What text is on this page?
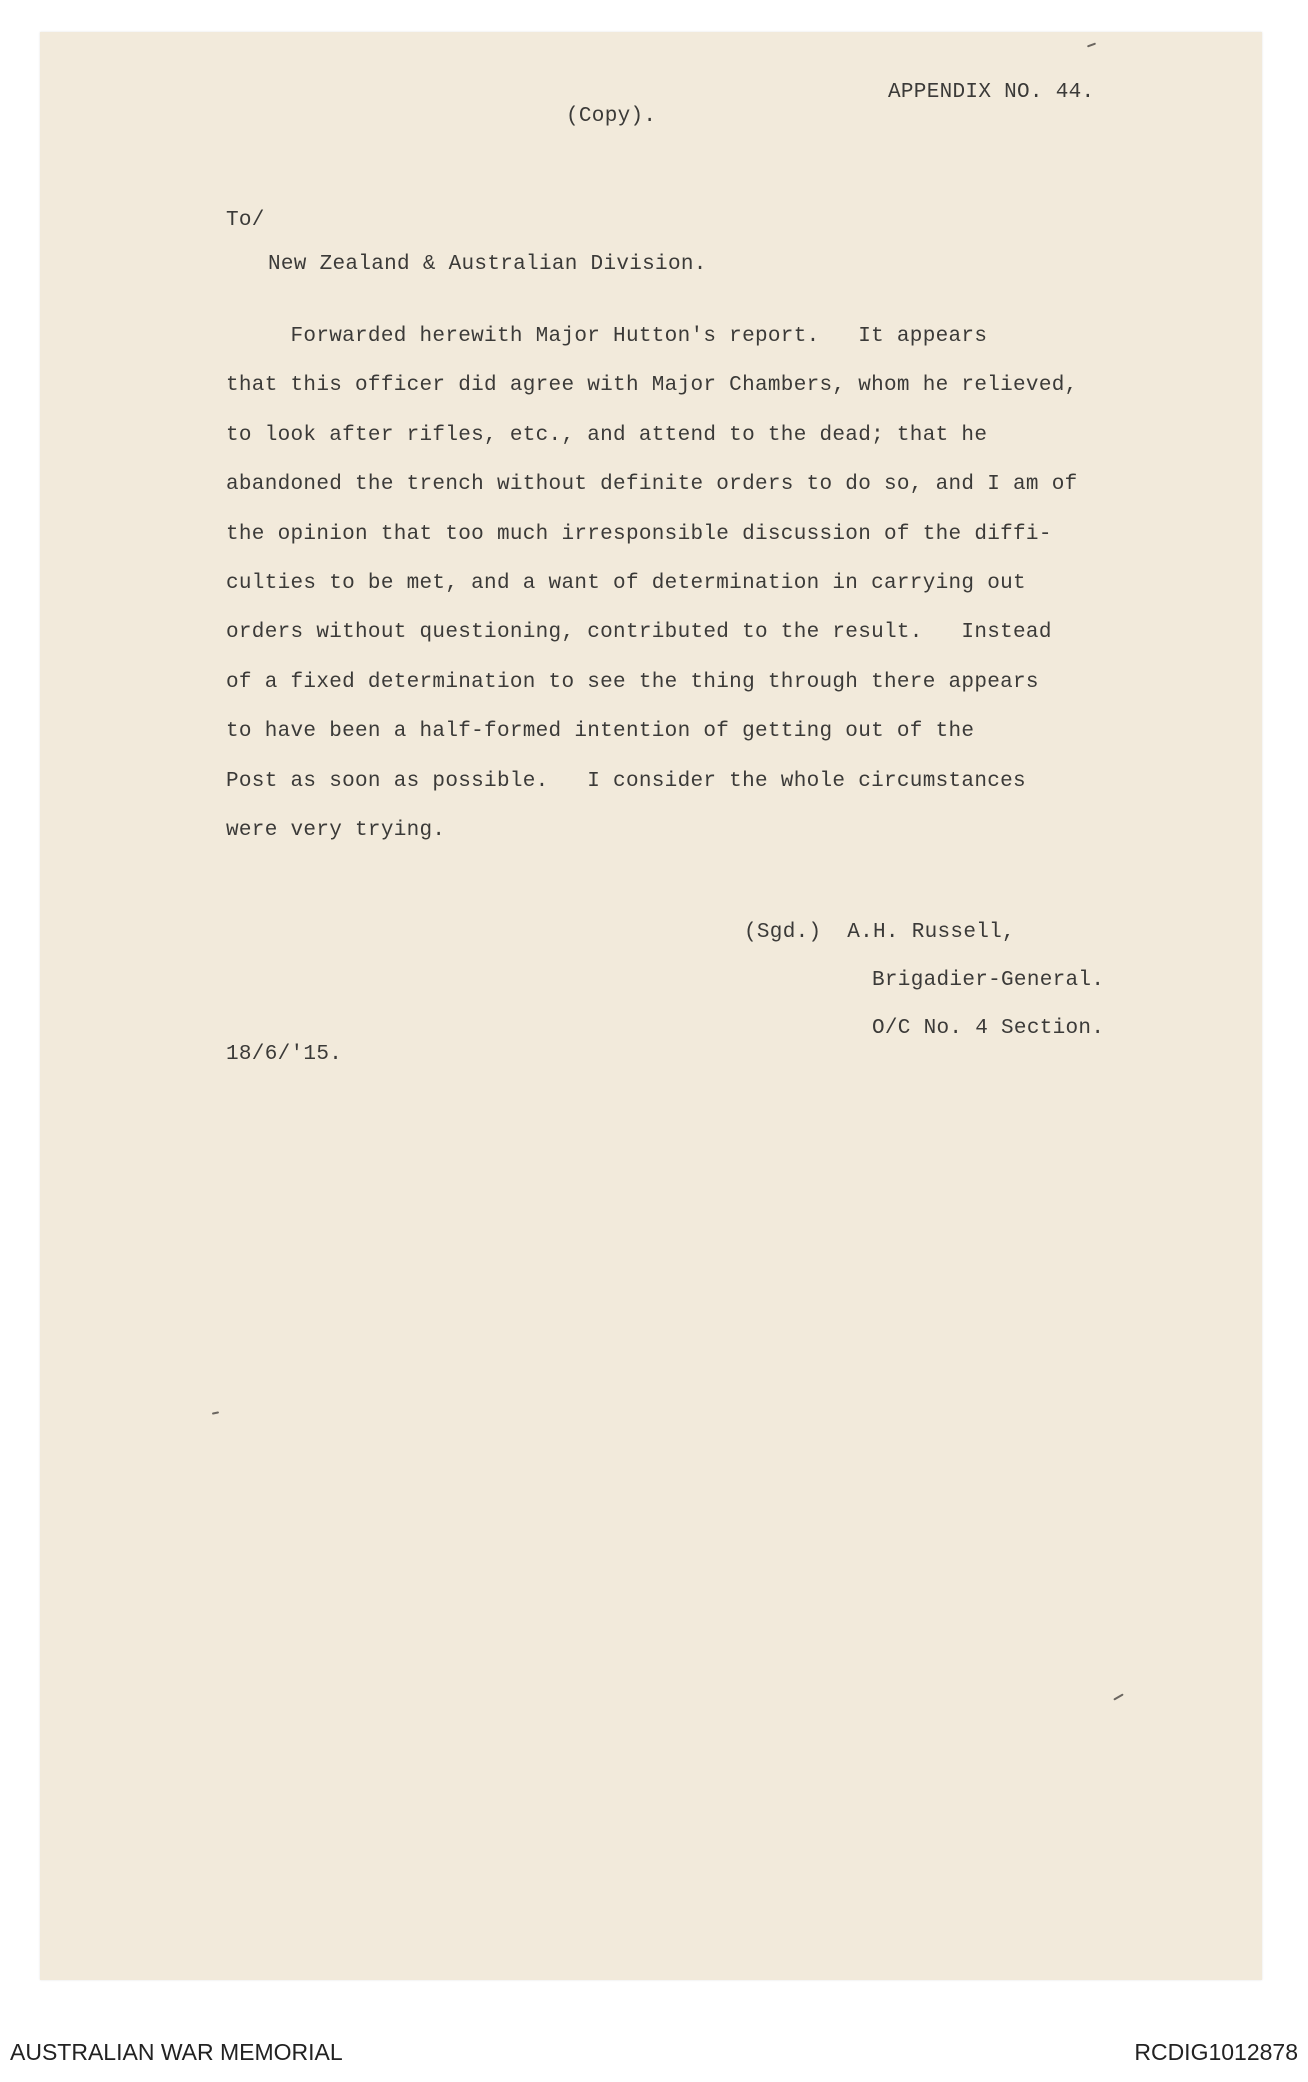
APPENDIX NO. 44.
(Copy).
To/
New Zealand & Australian Division.
Forwarded herewith Major Hutton's report.   It appears
that this officer did agree with Major Chambers, whom he relieved,
to look after rifles, etc., and attend to the dead; that he
abandoned the trench without definite orders to do so, and I am of
the opinion that too much irresponsible discussion of the diffi-
culties to be met, and a want of determination in carrying out
orders without questioning, contributed to the result.   Instead
of a fixed determination to see the thing through there appears
to have been a half-formed intention of getting out of the
Post as soon as possible.   I consider the whole circumstances
were very trying.
(Sgd.)  A.H. Russell,
Brigadier-General.
O/C No. 4 Section.
18/6/'15.
AUSTRALIAN WAR MEMORIAL	RCDIG1012878
